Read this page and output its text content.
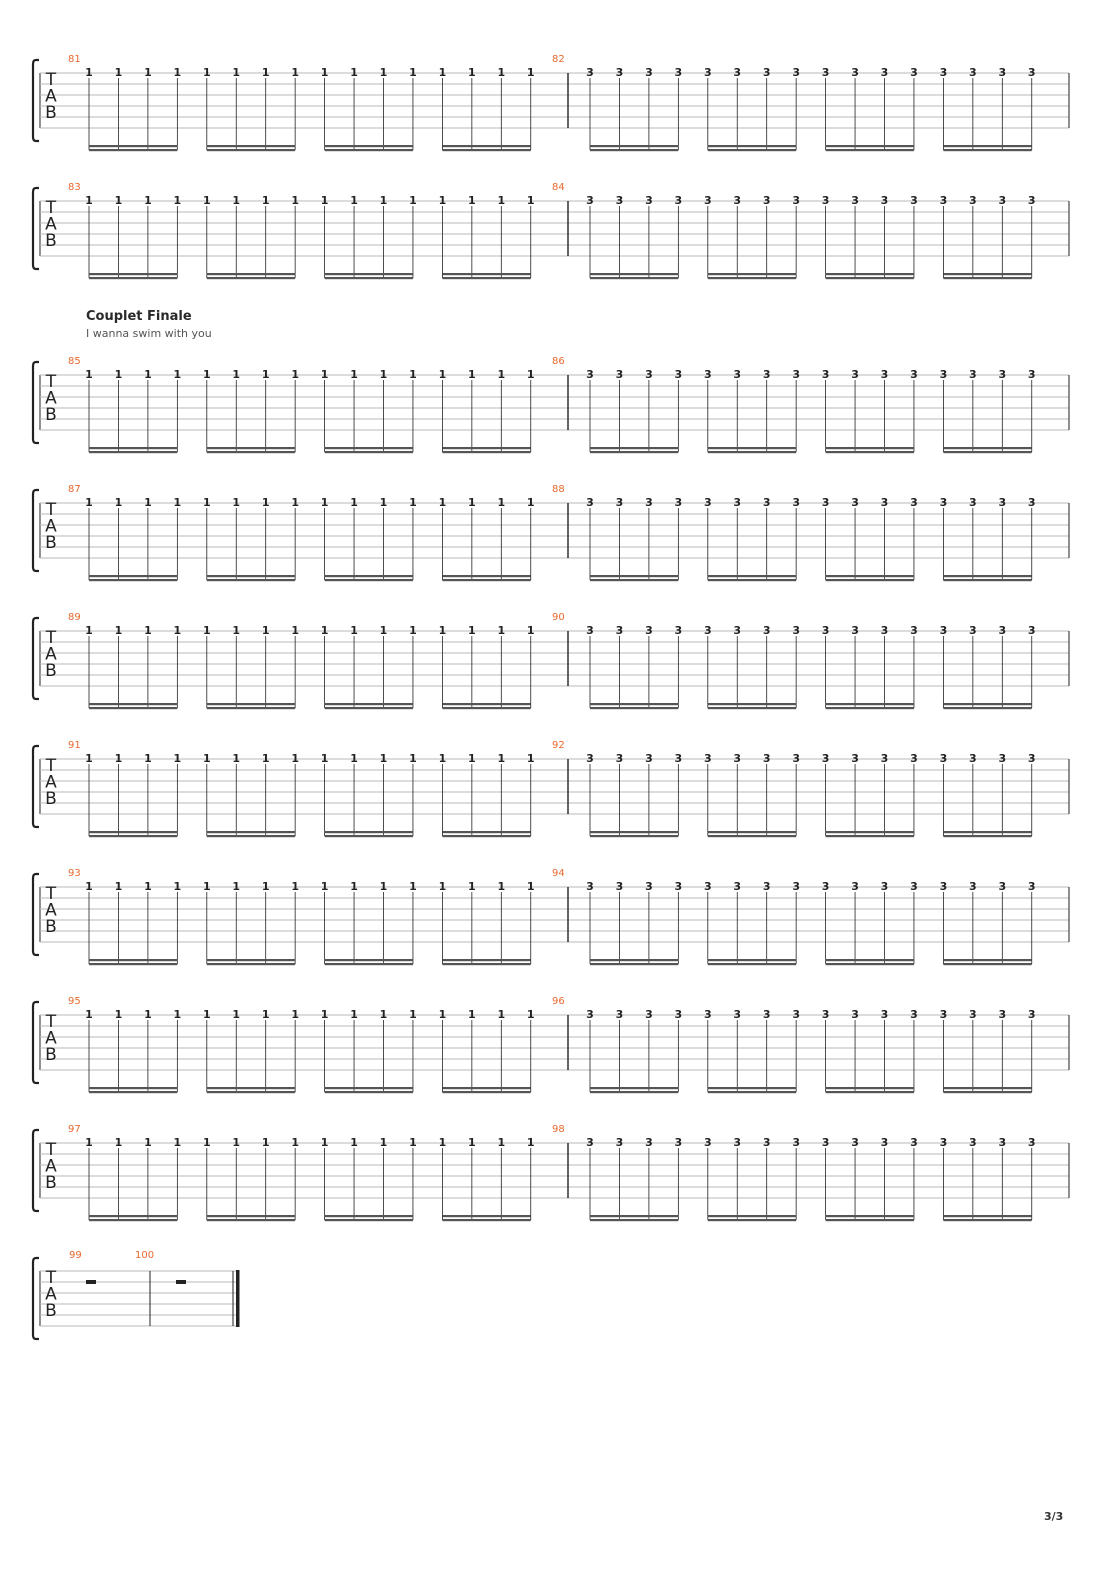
T
A
B
81
1 1 1 1 1 1 1 1 1 1 1 1 1 1 1 1
82
3 3 3 3 3 3 3 3 3 3 3 3 3 3 3 3
T
A
B
83
1 1 1 1 1 1 1 1 1 1 1 1 1 1 1 1
84
3 3 3 3 3 3 3 3 3 3 3 3 3 3 3 3
T
A
B
85
1 1 1 1 1 1 1 1 1 1 1 1 1 1 1 1
86
3 3 3 3 3 3 3 3 3 3 3 3 3 3 3 3
T
A
B
87
1 1 1 1 1 1 1 1 1 1 1 1 1 1 1 1
88
3 3 3 3 3 3 3 3 3 3 3 3 3 3 3 3
T
A
B
89
1 1 1 1 1 1 1 1 1 1 1 1 1 1 1 1
90
3 3 3 3 3 3 3 3 3 3 3 3 3 3 3 3
T
A
B
91
1 1 1 1 1 1 1 1 1 1 1 1 1 1 1 1
92
3 3 3 3 3 3 3 3 3 3 3 3 3 3 3 3
T
A
B
93
1 1 1 1 1 1 1 1 1 1 1 1 1 1 1 1
94
3 3 3 3 3 3 3 3 3 3 3 3 3 3 3 3
T
A
B
95
1 1 1 1 1 1 1 1 1 1 1 1 1 1 1 1
96
3 3 3 3 3 3 3 3 3 3 3 3 3 3 3 3
T
A
B
97
1 1 1 1 1 1 1 1 1 1 1 1 1 1 1 1
98
3 3 3 3 3 3 3 3 3 3 3 3 3 3 3 3
T
A
B
99	100
Couplet Finale
I wanna swim with you
3/3
